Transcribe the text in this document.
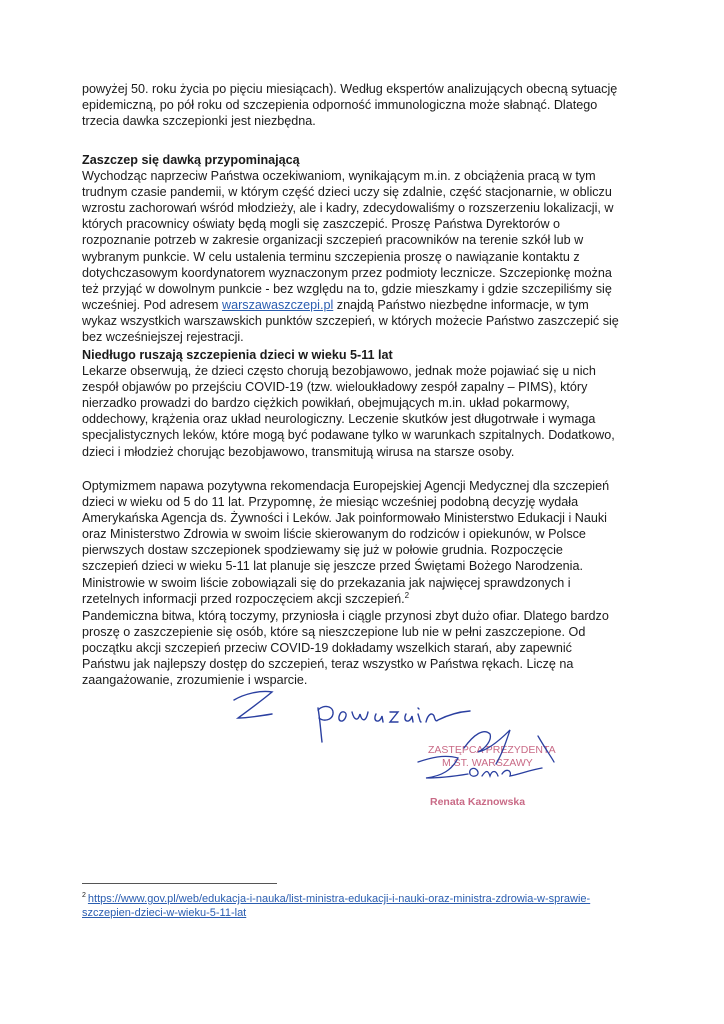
powyżej 50. roku życia po pięciu miesiącach). Według ekspertów analizujących obecną sytuację epidemiczną, po pół roku od szczepienia odporność immunologiczna może słabnąć. Dlatego trzecia dawka szczepionki jest niezbędna.

Zaszczep się dawką przypominającą

Wychodząc naprzeciw Państwa oczekiwaniom, wynikającym m.in. z obciążenia pracą w tym trudnym czasie pandemii, w którym część dzieci uczy się zdalnie, część stacjonarnie, w obliczu wzrostu zachorowań wśród młodzieży, ale i kadry, zdecydowaliśmy o rozszerzeniu lokalizacji, w których pracownicy oświaty będą mogli się zaszczepić. Proszę Państwa Dyrektorów o rozpoznanie potrzeb w zakresie organizacji szczepień pracowników na terenie szkół lub w wybranym punkcie. W celu ustalenia terminu szczepienia proszę o nawiązanie kontaktu z dotychczasowym koordynatorem wyznaczonym przez podmioty lecznicze. Szczepionkę można też przyjąć w dowolnym punkcie - bez względu na to, gdzie mieszkamy i gdzie szczepiliśmy się wcześniej. Pod adresem warszawaszczepi.pl znajdą Państwo niezbędne informacje, w tym wykaz wszystkich warszawskich punktów szczepień, w których możecie Państwo zaszczepić się bez wcześniejszej rejestracji.

Niedługo ruszają szczepienia dzieci w wieku 5-11 lat

Lekarze obserwują, że dzieci często chorują bezobjawowo, jednak może pojawiać się u nich zespół objawów po przejściu COVID-19 (tzw. wieloukładowy zespół zapalny – PIMS), który nierzadko prowadzi do bardzo ciężkich powikłań, obejmujących m.in. układ pokarmowy, oddechowy, krążenia oraz układ neurologiczny. Leczenie skutków jest długotrwałe i wymaga specjalistycznych leków, które mogą być podawane tylko w warunkach szpitalnych. Dodatkowo, dzieci i młodzież chorując bezobjawowo, transmitują wirusa na starsze osoby.

Optymizmem napawa pozytywna rekomendacja Europejskiej Agencji Medycznej dla szczepień dzieci w wieku od 5 do 11 lat. Przypomnę, że miesiąc wcześniej podobną decyzję wydała Amerykańska Agencja ds. Żywności i Leków. Jak poinformowało Ministerstwo Edukacji i Nauki oraz Ministerstwo Zdrowia w swoim liście skierowanym do rodziców i opiekunów, w Polsce pierwszych dostaw szczepionek spodziewamy się już w połowie grudnia. Rozpoczęcie szczepień dzieci w wieku 5-11 lat planuje się jeszcze przed Świętami Bożego Narodzenia. Ministrowie w swoim liście zobowiązali się do przekazania jak najwięcej sprawdzonych i rzetelnych informacji przed rozpoczęciem akcji szczepień.$^2$

Pandemiczna bitwa, którą toczymy, przyniosła i ciągle przynosi zbyt dużo ofiar. Dlatego bardzo proszę o zaszczepienie się osób, które są nieszczepione lub nie w pełni zaszczepione. Od początku akcji szczepień przeciw COVID-19 dokładamy wszelkich starań, aby zapewnić Państwu jak najlepszy dostęp do szczepień, teraz wszystko w Państwa rękach. Liczę na zaangażowanie, zrozumienie i wsparcie.

ZASTĘPCA PREZYDENTA
M.ST. WARSZAWY
Renata Kaznowska
$^2$ https://www.gov.pl/web/edukacja-i-nauka/list-ministra-edukacji-i-nauki-oraz-ministra-zdrowia-w-sprawie-szczepien-dzieci-w-wieku-5-11-lat
